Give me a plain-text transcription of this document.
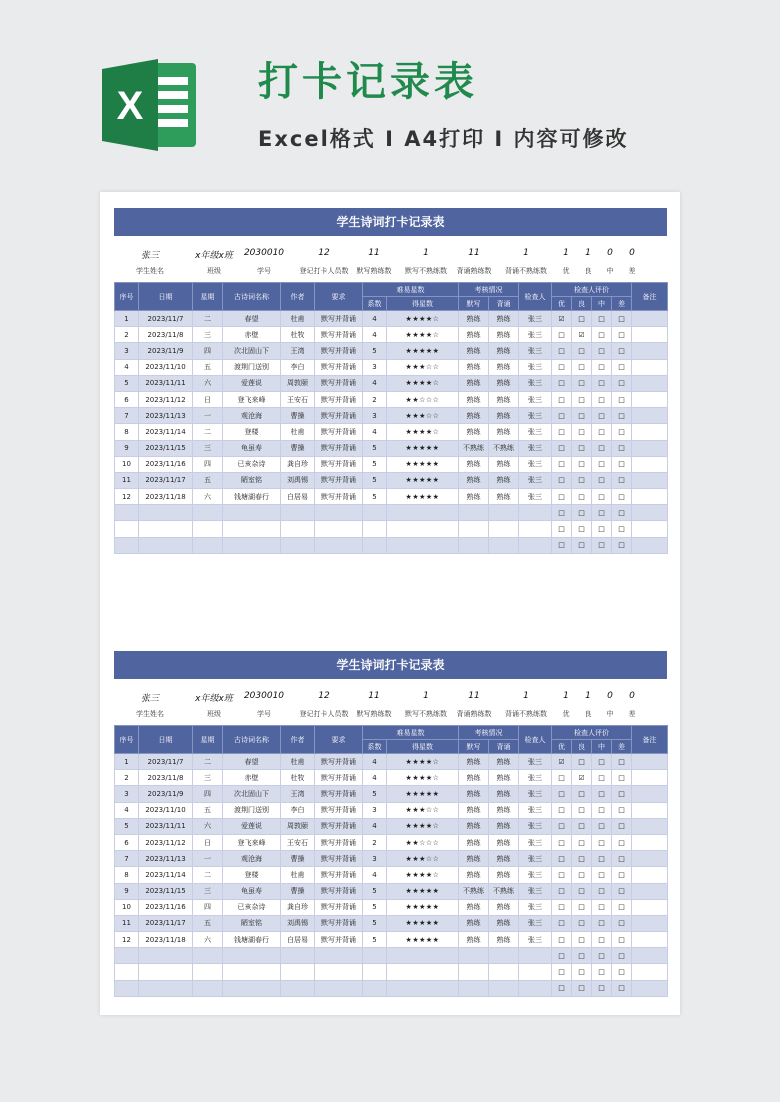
X
打卡记录表
Excel格式 I A4打印 I 内容可修改
学生诗词打卡记录表
张三
学生姓名
x年级x班
班级
2030010
学号
12
登记打卡人员数
11
默写熟练数
1
默写不熟练数
11
背诵熟练数
1
背诵不熟练数
1
优
1
良
0
中
0
差
序号	日期	星期	古诗词名称	作者	要求	难易星数		考核情况		检查人	检查人评价				备注
						系数	得星数	默写	背诵		优	良	中	差	
1	2023/11/7	二	春望	杜甫	默写并背诵	4	★★★★☆	熟练	熟练	张三	☑	□	□	□	
2	2023/11/8	三	赤壁	杜牧	默写并背诵	4	★★★★☆	熟练	熟练	张三	□	☑	□	□	
3	2023/11/9	四	次北固山下	王湾	默写并背诵	5	★★★★★	熟练	熟练	张三	□	□	□	□	
4	2023/11/10	五	渡荆门送别	李白	默写并背诵	3	★★★☆☆	熟练	熟练	张三	□	□	□	□	
5	2023/11/11	六	爱莲说	周敦颐	默写并背诵	4	★★★★☆	熟练	熟练	张三	□	□	□	□	
6	2023/11/12	日	登飞来峰	王安石	默写并背诵	2	★★☆☆☆	熟练	熟练	张三	□	□	□	□	
7	2023/11/13	一	观沧海	曹操	默写并背诵	3	★★★☆☆	熟练	熟练	张三	□	□	□	□	
8	2023/11/14	二	登楼	杜甫	默写并背诵	4	★★★★☆	熟练	熟练	张三	□	□	□	□	
9	2023/11/15	三	龟虽寿	曹操	默写并背诵	5	★★★★★	不熟练	不熟练	张三	□	□	□	□	
10	2023/11/16	四	已亥杂诗	龚自珍	默写并背诵	5	★★★★★	熟练	熟练	张三	□	□	□	□	
11	2023/11/17	五	陋室铭	刘禹锡	默写并背诵	5	★★★★★	熟练	熟练	张三	□	□	□	□	
12	2023/11/18	六	钱塘湖春行	白居易	默写并背诵	5	★★★★★	熟练	熟练	张三	□	□	□	□	
											□	□	□	□	
											□	□	□	□	
											□	□	□	□	
学生诗词打卡记录表
张三
学生姓名
x年级x班
班级
2030010
学号
12
登记打卡人员数
11
默写熟练数
1
默写不熟练数
11
背诵熟练数
1
背诵不熟练数
1
优
1
良
0
中
0
差
序号	日期	星期	古诗词名称	作者	要求	难易星数		考核情况		检查人	检查人评价				备注
						系数	得星数	默写	背诵		优	良	中	差	
1	2023/11/7	二	春望	杜甫	默写并背诵	4	★★★★☆	熟练	熟练	张三	☑	□	□	□	
2	2023/11/8	三	赤壁	杜牧	默写并背诵	4	★★★★☆	熟练	熟练	张三	□	☑	□	□	
3	2023/11/9	四	次北固山下	王湾	默写并背诵	5	★★★★★	熟练	熟练	张三	□	□	□	□	
4	2023/11/10	五	渡荆门送别	李白	默写并背诵	3	★★★☆☆	熟练	熟练	张三	□	□	□	□	
5	2023/11/11	六	爱莲说	周敦颐	默写并背诵	4	★★★★☆	熟练	熟练	张三	□	□	□	□	
6	2023/11/12	日	登飞来峰	王安石	默写并背诵	2	★★☆☆☆	熟练	熟练	张三	□	□	□	□	
7	2023/11/13	一	观沧海	曹操	默写并背诵	3	★★★☆☆	熟练	熟练	张三	□	□	□	□	
8	2023/11/14	二	登楼	杜甫	默写并背诵	4	★★★★☆	熟练	熟练	张三	□	□	□	□	
9	2023/11/15	三	龟虽寿	曹操	默写并背诵	5	★★★★★	不熟练	不熟练	张三	□	□	□	□	
10	2023/11/16	四	已亥杂诗	龚自珍	默写并背诵	5	★★★★★	熟练	熟练	张三	□	□	□	□	
11	2023/11/17	五	陋室铭	刘禹锡	默写并背诵	5	★★★★★	熟练	熟练	张三	□	□	□	□	
12	2023/11/18	六	钱塘湖春行	白居易	默写并背诵	5	★★★★★	熟练	熟练	张三	□	□	□	□	
											□	□	□	□	
											□	□	□	□	
											□	□	□	□	
